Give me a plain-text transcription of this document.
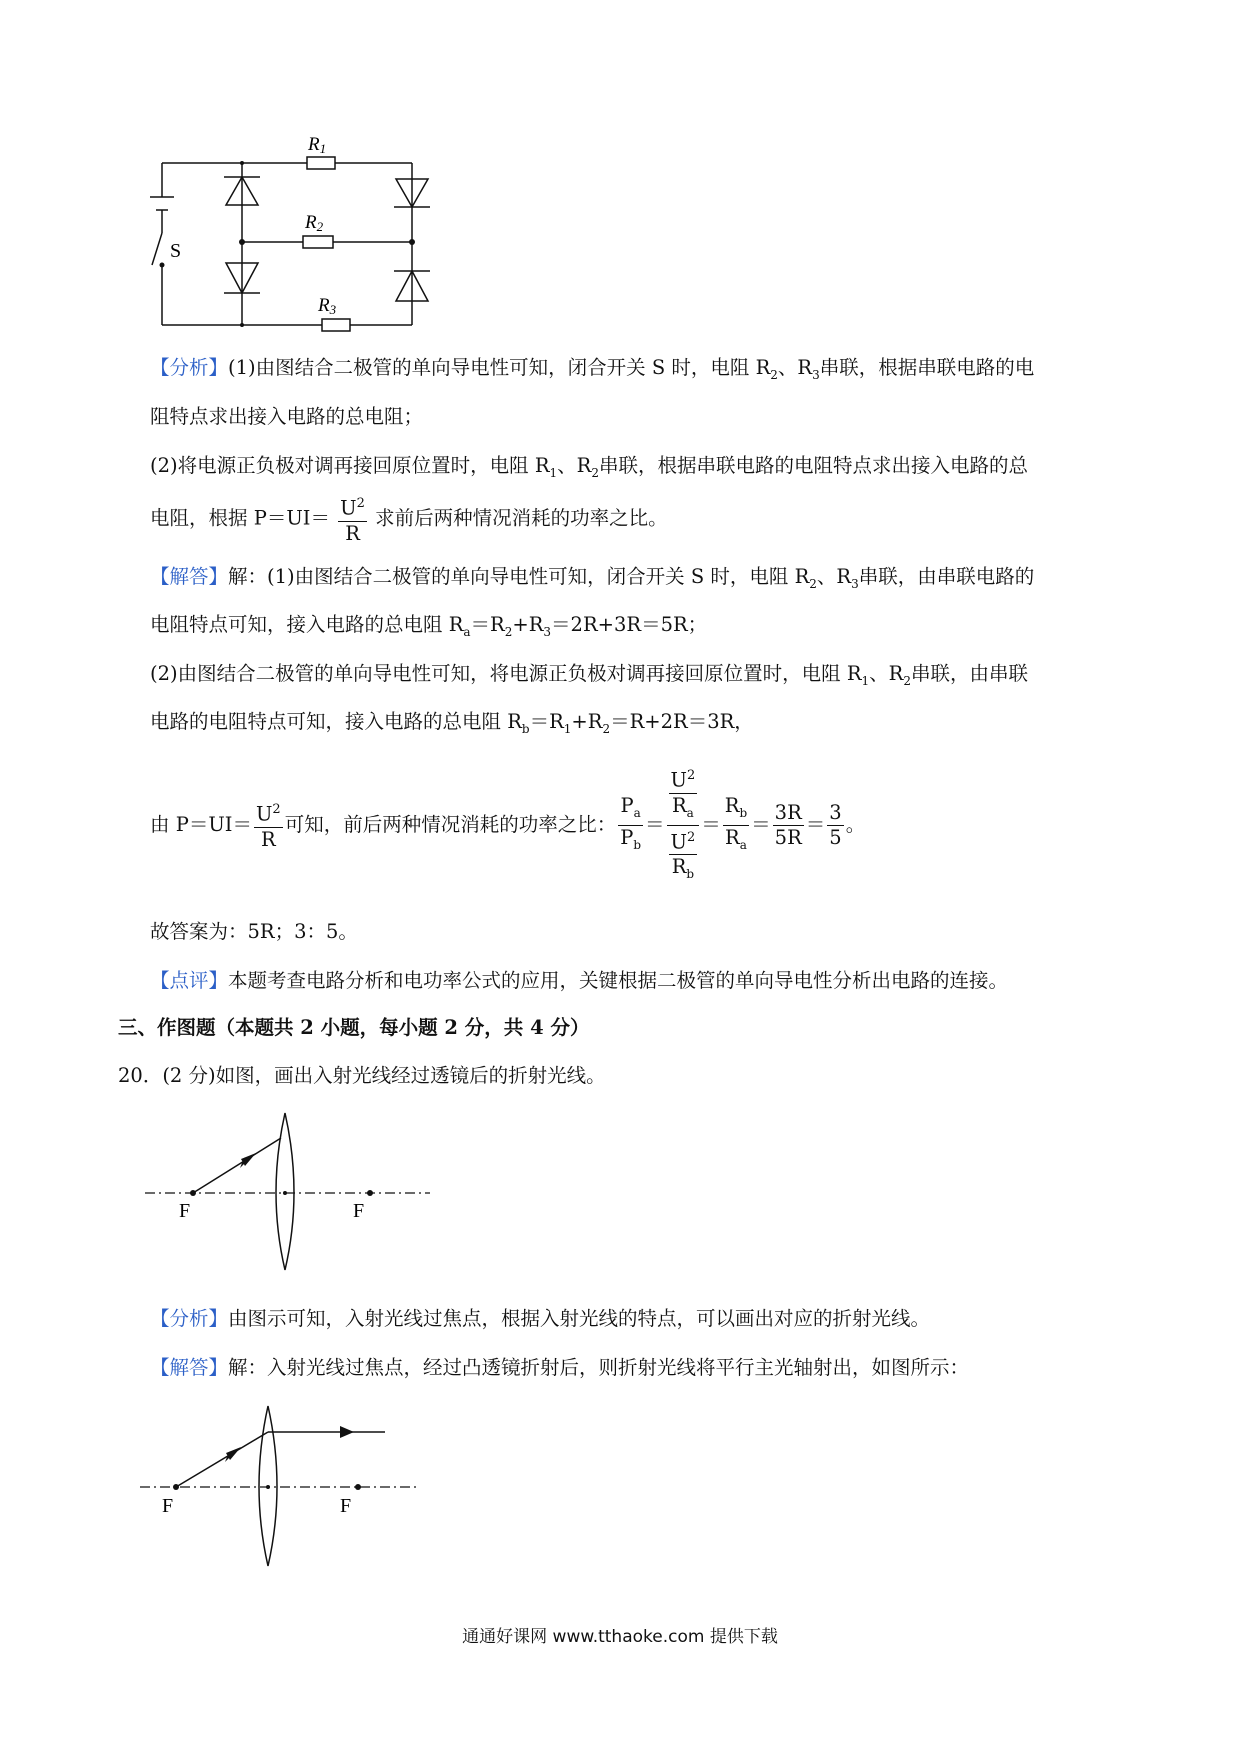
R1
R2
R3
S
【分析】(1)由图结合二极管的单向导电性可知，闭合开关 S 时，电阻 $R_2$、$R_3$串联，根据串联电路的电
阻特点求出接入电路的总电阻；
(2)将电源正负极对调再接回原位置时，电阻 $R_1$、$R_2$串联，根据串联电路的电阻特点求出接入电路的总
电阻，根据 $P=UI= \frac{U^2}{R}$ 求前后两种情况消耗的功率之比。
【解答】解：(1)由图结合二极管的单向导电性可知，闭合开关 S 时，电阻 $R_2$、$R_3$串联，由串联电路的
电阻特点可知，接入电路的总电阻 $R_a=R_2+R_3=2R+3R=5R$；
(2)由图结合二极管的单向导电性可知，将电源正负极对调再接回原位置时，电阻 $R_1$、$R_2$串联，由串联
电路的电阻特点可知，接入电路的总电阻 $R_b=R_1+R_2=R+2R=3R$，
由 $P=UI= \frac{U^2}{R}$ 可知，前后两种情况消耗的功率之比： $\frac{P_a}{P_b} = \frac{\frac{U^2}{R_a}}{\frac{U^2}{R_b}} = \frac{R_b}{R_a} = \frac{3R}{5R} = \frac{3}{5}$ 。
故答案为：5R；3：5。
【点评】本题考查电路分析和电功率公式的应用，关键根据二极管的单向导电性分析出电路的连接。
三、作图题（本题共 2 小题，每小题 2 分，共 4 分）
20．(2 分)如图，画出入射光线经过透镜后的折射光线。
F	F
【分析】由图示可知，入射光线过焦点，根据入射光线的特点，可以画出对应的折射光线。
【解答】解：入射光线过焦点，经过凸透镜折射后，则折射光线将平行主光轴射出，如图所示：
F	F
通通好课网 www.tthaoke.com 提供下载
